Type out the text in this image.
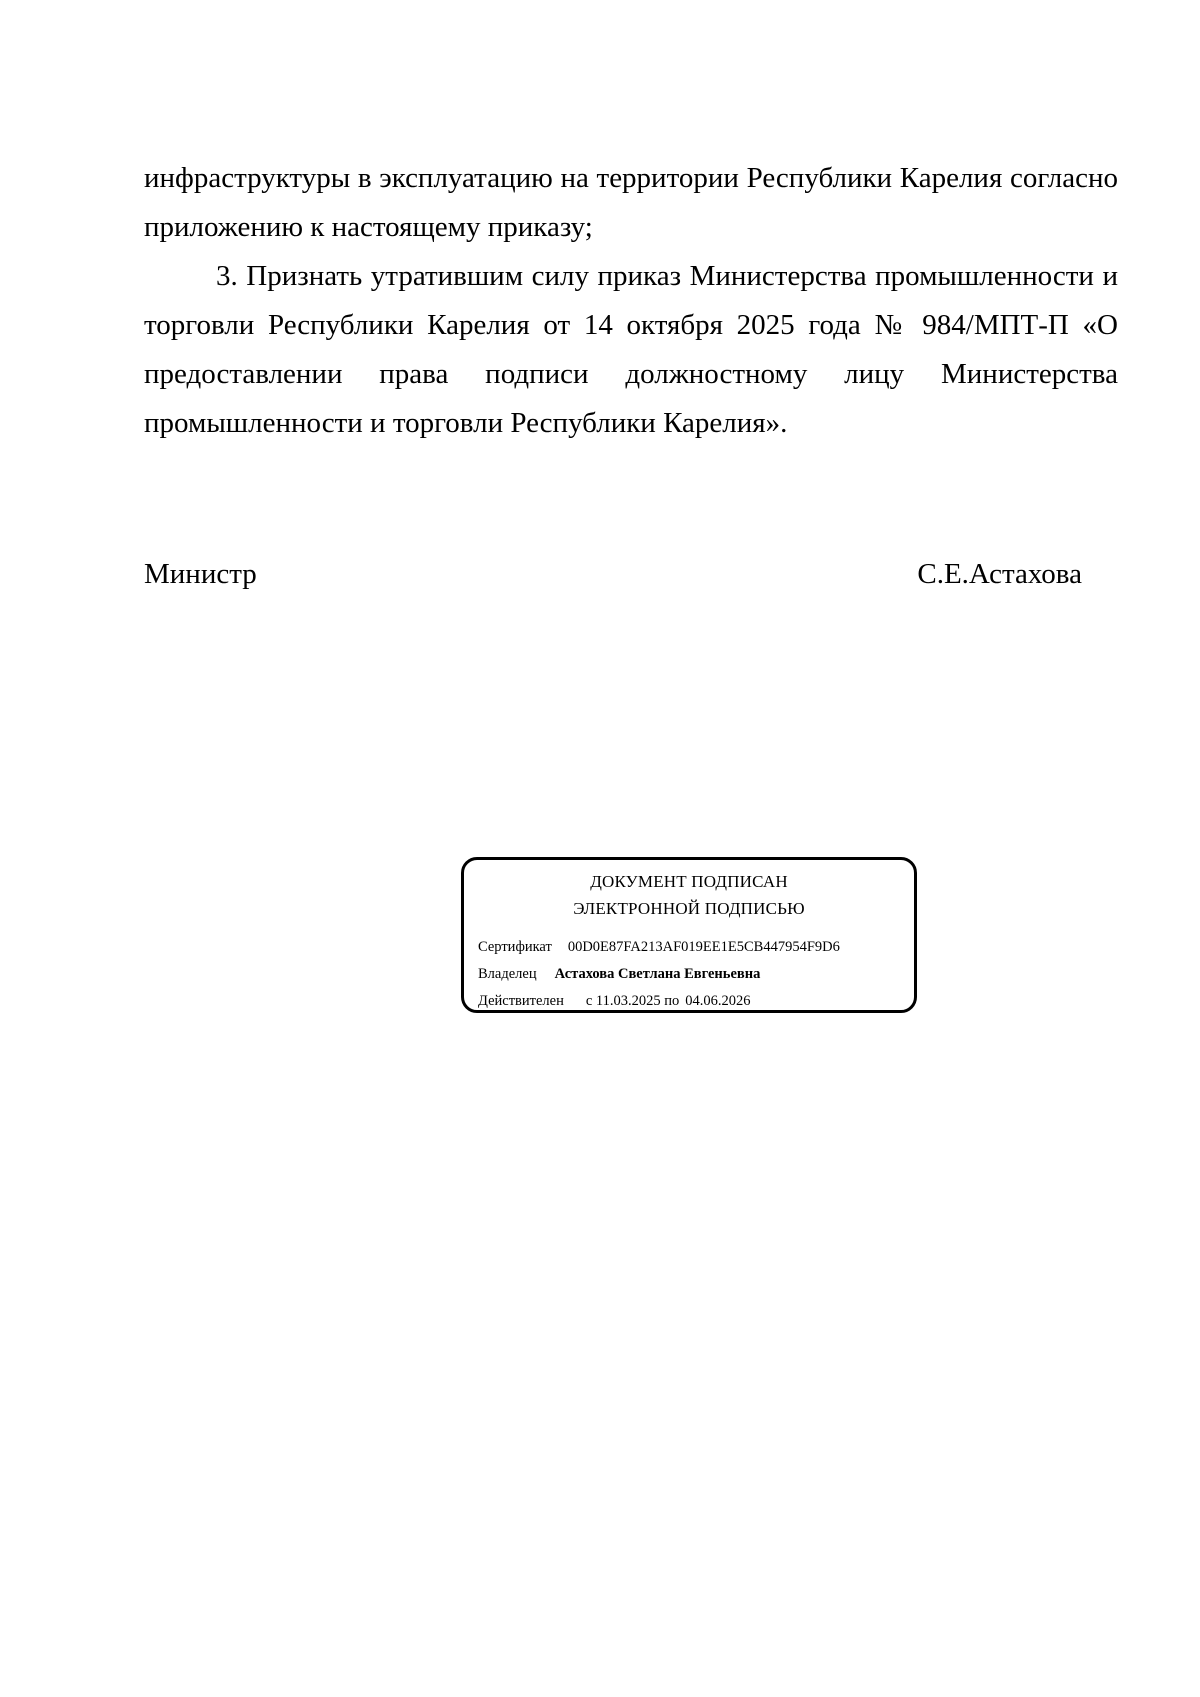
инфраструктуры в эксплуатацию на территории Республики Карелия согласно приложению к настоящему приказу;

3. Признать утратившим силу приказ Министерства промышленности и торговли Республики Карелия от 14 октября 2025 года № 984/МПТ-П «О предоставлении права подписи должностному лицу Министерства промышленности и торговли Республики Карелия».

Министр	С.Е.Астахова
ДОКУМЕНТ ПОДПИСАН
ЭЛЕКТРОННОЙ ПОДПИСЬЮ
Сертификат 00D0E87FA213AF019EE1E5CB447954F9D6
Владелец Астахова Светлана Евгеньевна
Действителен с 11.03.2025 по 04.06.2026
